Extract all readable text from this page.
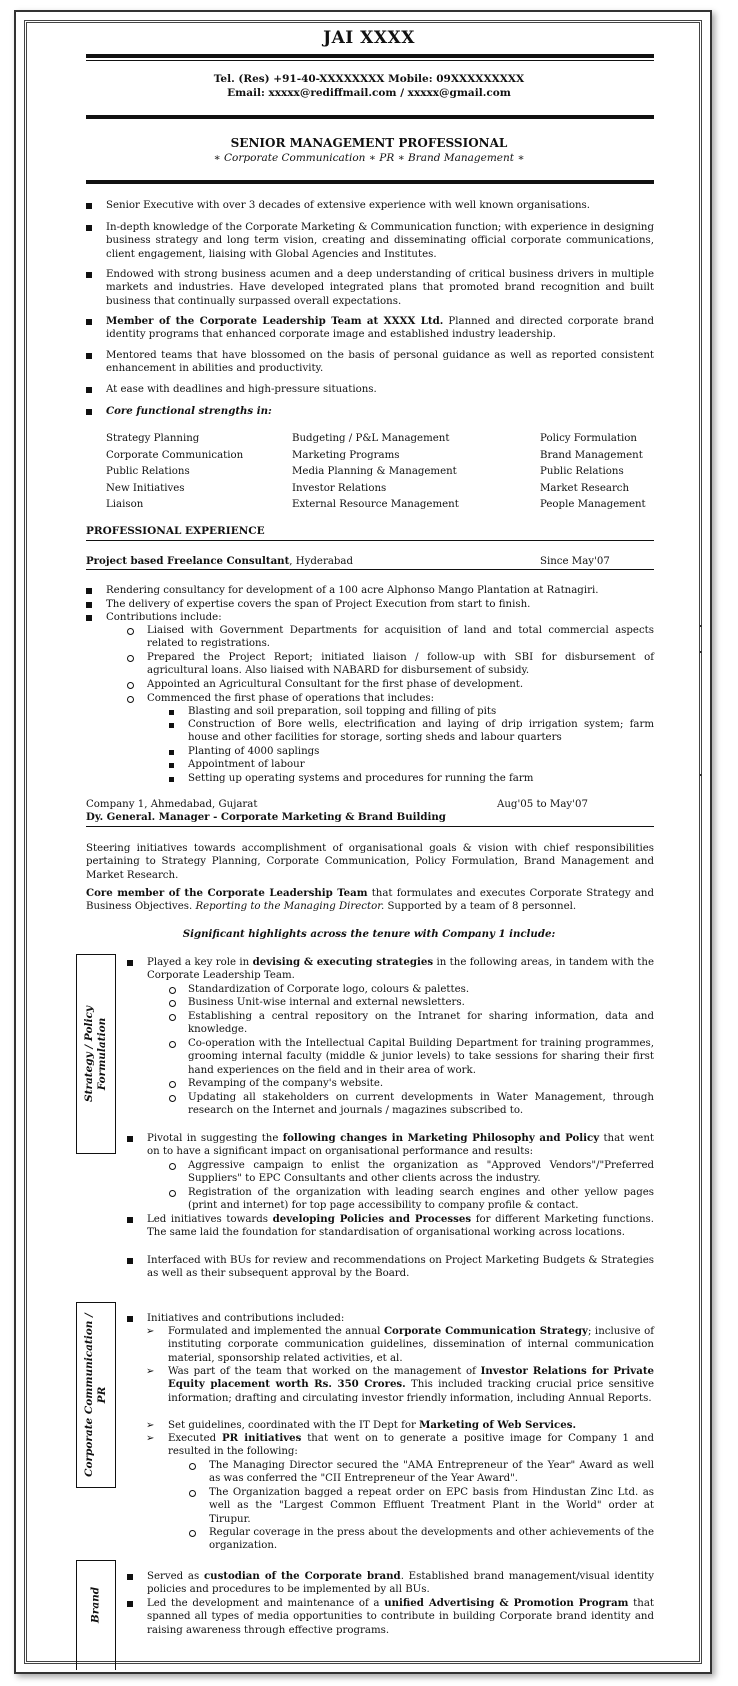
JAI XXXX
Tel. (Res) +91-40-XXXXXXXX Mobile: 09XXXXXXXXX
Email: xxxxx@rediffmail.com / xxxxx@gmail.com
SENIOR MANAGEMENT PROFESSIONAL
∗ Corporate Communication ∗ PR ∗ Brand Management ∗
Senior Executive with over 3 decades of extensive experience with well known organisations.
In-depth knowledge of the Corporate Marketing & Communication function; with experience in designing business strategy and long term vision, creating and disseminating official corporate communications, client engagement, liaising with Global Agencies and Institutes.
Endowed with strong business acumen and a deep understanding of critical business drivers in multiple markets and industries. Have developed integrated plans that promoted brand recognition and built business that continually surpassed overall expectations.
Member of the Corporate Leadership Team at XXXX Ltd. Planned and directed corporate brand identity programs that enhanced corporate image and established industry leadership.
Mentored teams that have blossomed on the basis of personal guidance as well as reported consistent enhancement in abilities and productivity.
At ease with deadlines and high-pressure situations.
Core functional strengths in:
Strategy Planning
Corporate Communication
Public Relations
New Initiatives
Liaison
Budgeting / P&L Management
Marketing Programs
Media Planning & Management
Investor Relations
External Resource Management
Policy Formulation
Brand Management
Public Relations
Market Research
People Management
PROFESSIONAL EXPERIENCE
Project based Freelance Consultant, Hyderabad	Since May'07
Rendering consultancy for development of a 100 acre Alphonso Mango Plantation at Ratnagiri.
The delivery of expertise covers the span of Project Execution from start to finish.
Contributions include:
Liaised with Government Departments for acquisition of land and total commercial aspects related to registrations.
Prepared the Project Report; initiated liaison / follow-up with SBI for disbursement of agricultural loans. Also liaised with NABARD for disbursement of subsidy.
Appointed an Agricultural Consultant for the first phase of development.
Commenced the first phase of operations that includes:
Blasting and soil preparation, soil topping and filling of pits
Construction of Bore wells, electrification and laying of drip irrigation system; farm house and other facilities for storage, sorting sheds and labour quarters
Planting of 4000 saplings
Appointment of labour
Setting up operating systems and procedures for running the farm
Company 1, Ahmedabad, Gujarat	Aug'05 to May'07
Dy. General. Manager - Corporate Marketing & Brand Building
Steering initiatives towards accomplishment of organisational goals & vision with chief responsibilities pertaining to Strategy Planning, Corporate Communication, Policy Formulation, Brand Management and Market Research.
Core member of the Corporate Leadership Team that formulates and executes Corporate Strategy and Business Objectives. Reporting to the Managing Director. Supported by a team of 8 personnel.
Significant highlights across the tenure with Company 1 include:
Strategy / Policy
Formulation
Played a key role in devising & executing strategies in the following areas, in tandem with the Corporate Leadership Team.
Standardization of Corporate logo, colours & palettes.
Business Unit-wise internal and external newsletters.
Establishing a central repository on the Intranet for sharing information, data and knowledge.
Co-operation with the Intellectual Capital Building Department for training programmes, grooming internal faculty (middle & junior levels) to take sessions for sharing their first hand experiences on the field and in their area of work.
Revamping of the company's website.
Updating all stakeholders on current developments in Water Management, through research on the Internet and journals / magazines subscribed to.
Pivotal in suggesting the following changes in Marketing Philosophy and Policy that went on to have a significant impact on organisational performance and results:
Aggressive campaign to enlist the organization as "Approved Vendors"/"Preferred Suppliers" to EPC Consultants and other clients across the industry.
Registration of the organization with leading search engines and other yellow pages (print and internet) for top page accessibility to company profile & contact.
Led initiatives towards developing Policies and Processes for different Marketing functions. The same laid the foundation for standardisation of organisational working across locations.
Interfaced with BUs for review and recommendations on Project Marketing Budgets & Strategies as well as their subsequent approval by the Board.
Corporate Communication /
PR
Initiatives and contributions included:
➢ Formulated and implemented the annual Corporate Communication Strategy; inclusive of instituting corporate communication guidelines, dissemination of internal communication material, sponsorship related activities, et al.
➢ Was part of the team that worked on the management of Investor Relations for Private Equity placement worth Rs. 350 Crores. This included tracking crucial price sensitive information; drafting and circulating investor friendly information, including Annual Reports.
➢ Set guidelines, coordinated with the IT Dept for Marketing of Web Services.
➢ Executed PR initiatives that went on to generate a positive image for Company 1 and resulted in the following:
The Managing Director secured the "AMA Entrepreneur of the Year" Award as well as was conferred the "CII Entrepreneur of the Year Award".
The Organization bagged a repeat order on EPC basis from Hindustan Zinc Ltd. as well as the "Largest Common Effluent Treatment Plant in the World" order at Tirupur.
Regular coverage in the press about the developments and other achievements of the organization.
Brand
Served as custodian of the Corporate brand. Established brand management/visual identity policies and procedures to be implemented by all BUs.
Led the development and maintenance of a unified Advertising & Promotion Program that spanned all types of media opportunities to contribute in building Corporate brand identity and raising awareness through effective programs.
